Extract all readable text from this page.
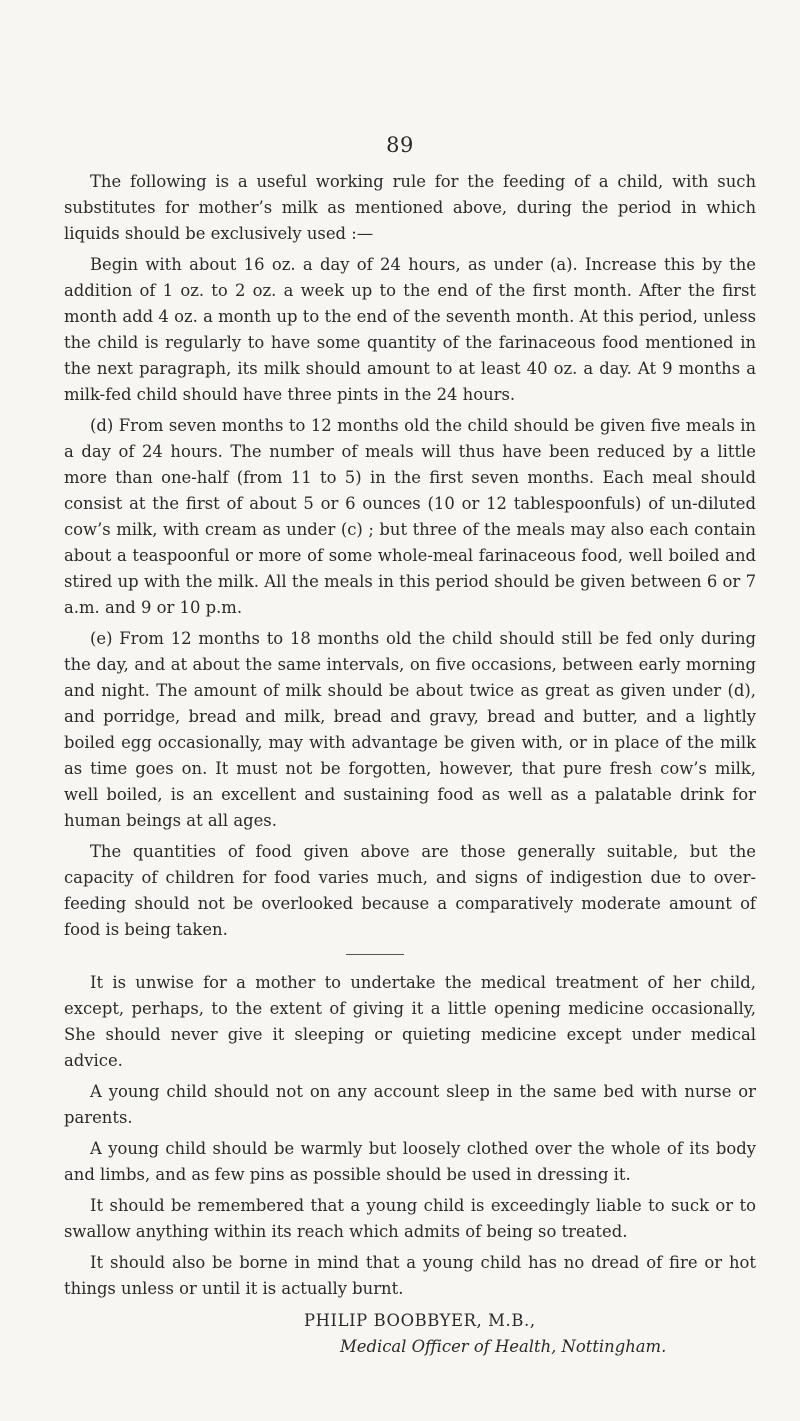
89

The following is a useful working rule for the feeding of a child, with such substitutes for mother’s milk as mentioned above, during the period in which liquids should be exclusively used :—

Begin with about 16 oz. a day of 24 hours, as under (a). Increase this by the addition of 1 oz. to 2 oz. a week up to the end of the first month. After the first month add 4 oz. a month up to the end of the seventh month. At this period, unless the child is regularly to have some quantity of the farinaceous food mentioned in the next paragraph, its milk should amount to at least 40 oz. a day. At 9 months a milk-fed child should have three pints in the 24 hours.

(d) From seven months to 12 months old the child should be given five meals in a day of 24 hours. The number of meals will thus have been reduced by a little more than one-half (from 11 to 5) in the first seven months. Each meal should consist at the first of about 5 or 6 ounces (10 or 12 tablespoonfuls) of un-diluted cow’s milk, with cream as under (c) ; but three of the meals may also each contain about a teaspoonful or more of some whole-meal farinaceous food, well boiled and stired up with the milk. All the meals in this period should be given between 6 or 7 a.m. and 9 or 10 p.m.

(e) From 12 months to 18 months old the child should still be fed only during the day, and at about the same intervals, on five occasions, between early morning and night. The amount of milk should be about twice as great as given under (d), and porridge, bread and milk, bread and gravy, bread and butter, and a lightly boiled egg occasionally, may with advantage be given with, or in place of the milk as time goes on. It must not be forgotten, however, that pure fresh cow’s milk, well boiled, is an excellent and sustaining food as well as a palatable drink for human beings at all ages.

The quantities of food given above are those generally suitable, but the capacity of children for food varies much, and signs of indigestion due to over-feeding should not be overlooked because a comparatively moderate amount of food is being taken.

It is unwise for a mother to undertake the medical treatment of her child, except, perhaps, to the extent of giving it a little opening medicine occasionally, She should never give it sleeping or quieting medicine except under medical advice.

A young child should not on any account sleep in the same bed with nurse or parents.

A young child should be warmly but loosely clothed over the whole of its body and limbs, and as few pins as possible should be used in dressing it.

It should be remembered that a young child is exceedingly liable to suck or to swallow anything within its reach which admits of being so treated.

It should also be borne in mind that a young child has no dread of fire or hot things unless or until it is actually burnt.

PHILIP BOOBBYER, M.B.,
Medical Officer of Health, Nottingham.
